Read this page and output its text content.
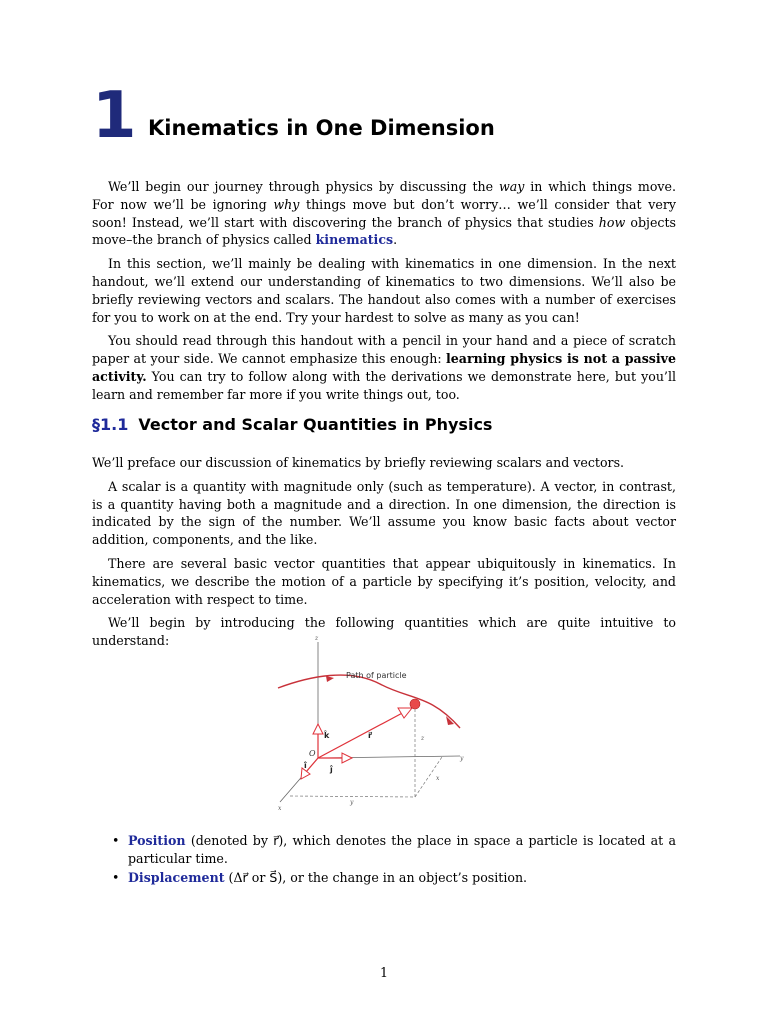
1 Kinematics in One Dimension

We’ll begin our journey through physics by discussing the way in which things move. For now we’ll be ignoring why things move but don’t worry… we’ll consider that very soon! Instead, we’ll start with discovering the branch of physics that studies how objects move–the branch of physics called kinematics.

In this section, we’ll mainly be dealing with kinematics in one dimension. In the next handout, we’ll extend our understanding of kinematics to two dimensions. We’ll also be briefly reviewing vectors and scalars. The handout also comes with a number of exercises for you to work on at the end. Try your hardest to solve as many as you can!

You should read through this handout with a pencil in your hand and a piece of scratch paper at your side. We cannot emphasize this enough: learning physics is not a passive activity. You can try to follow along with the derivations we demonstrate here, but you’ll learn and remember far more if you write things out, too.

§1.1 Vector and Scalar Quantities in Physics

We’ll preface our discussion of kinematics by briefly reviewing scalars and vectors.

A scalar is a quantity with magnitude only (such as temperature). A vector, in contrast, is a quantity having both a magnitude and a direction. In one dimension, the direction is indicated by the sign of the number. We’ll assume you know basic facts about vector addition, components, and the like.

There are several basic vector quantities that appear ubiquitously in kinematics. In kinematics, we describe the motion of a particle by specifying it’s position, velocity, and acceleration with respect to time.

We’ll begin by introducing the following quantities which are quite intuitive to understand:

Path of particle
z
y
x
O
î	ĵ
k̂	r⃗	z
x
y
• Position (denoted by r⃗), which denotes the place in space a particle is located at a particular time.
• Displacement (Δr⃗ or S⃗), or the change in an object’s position.
1
